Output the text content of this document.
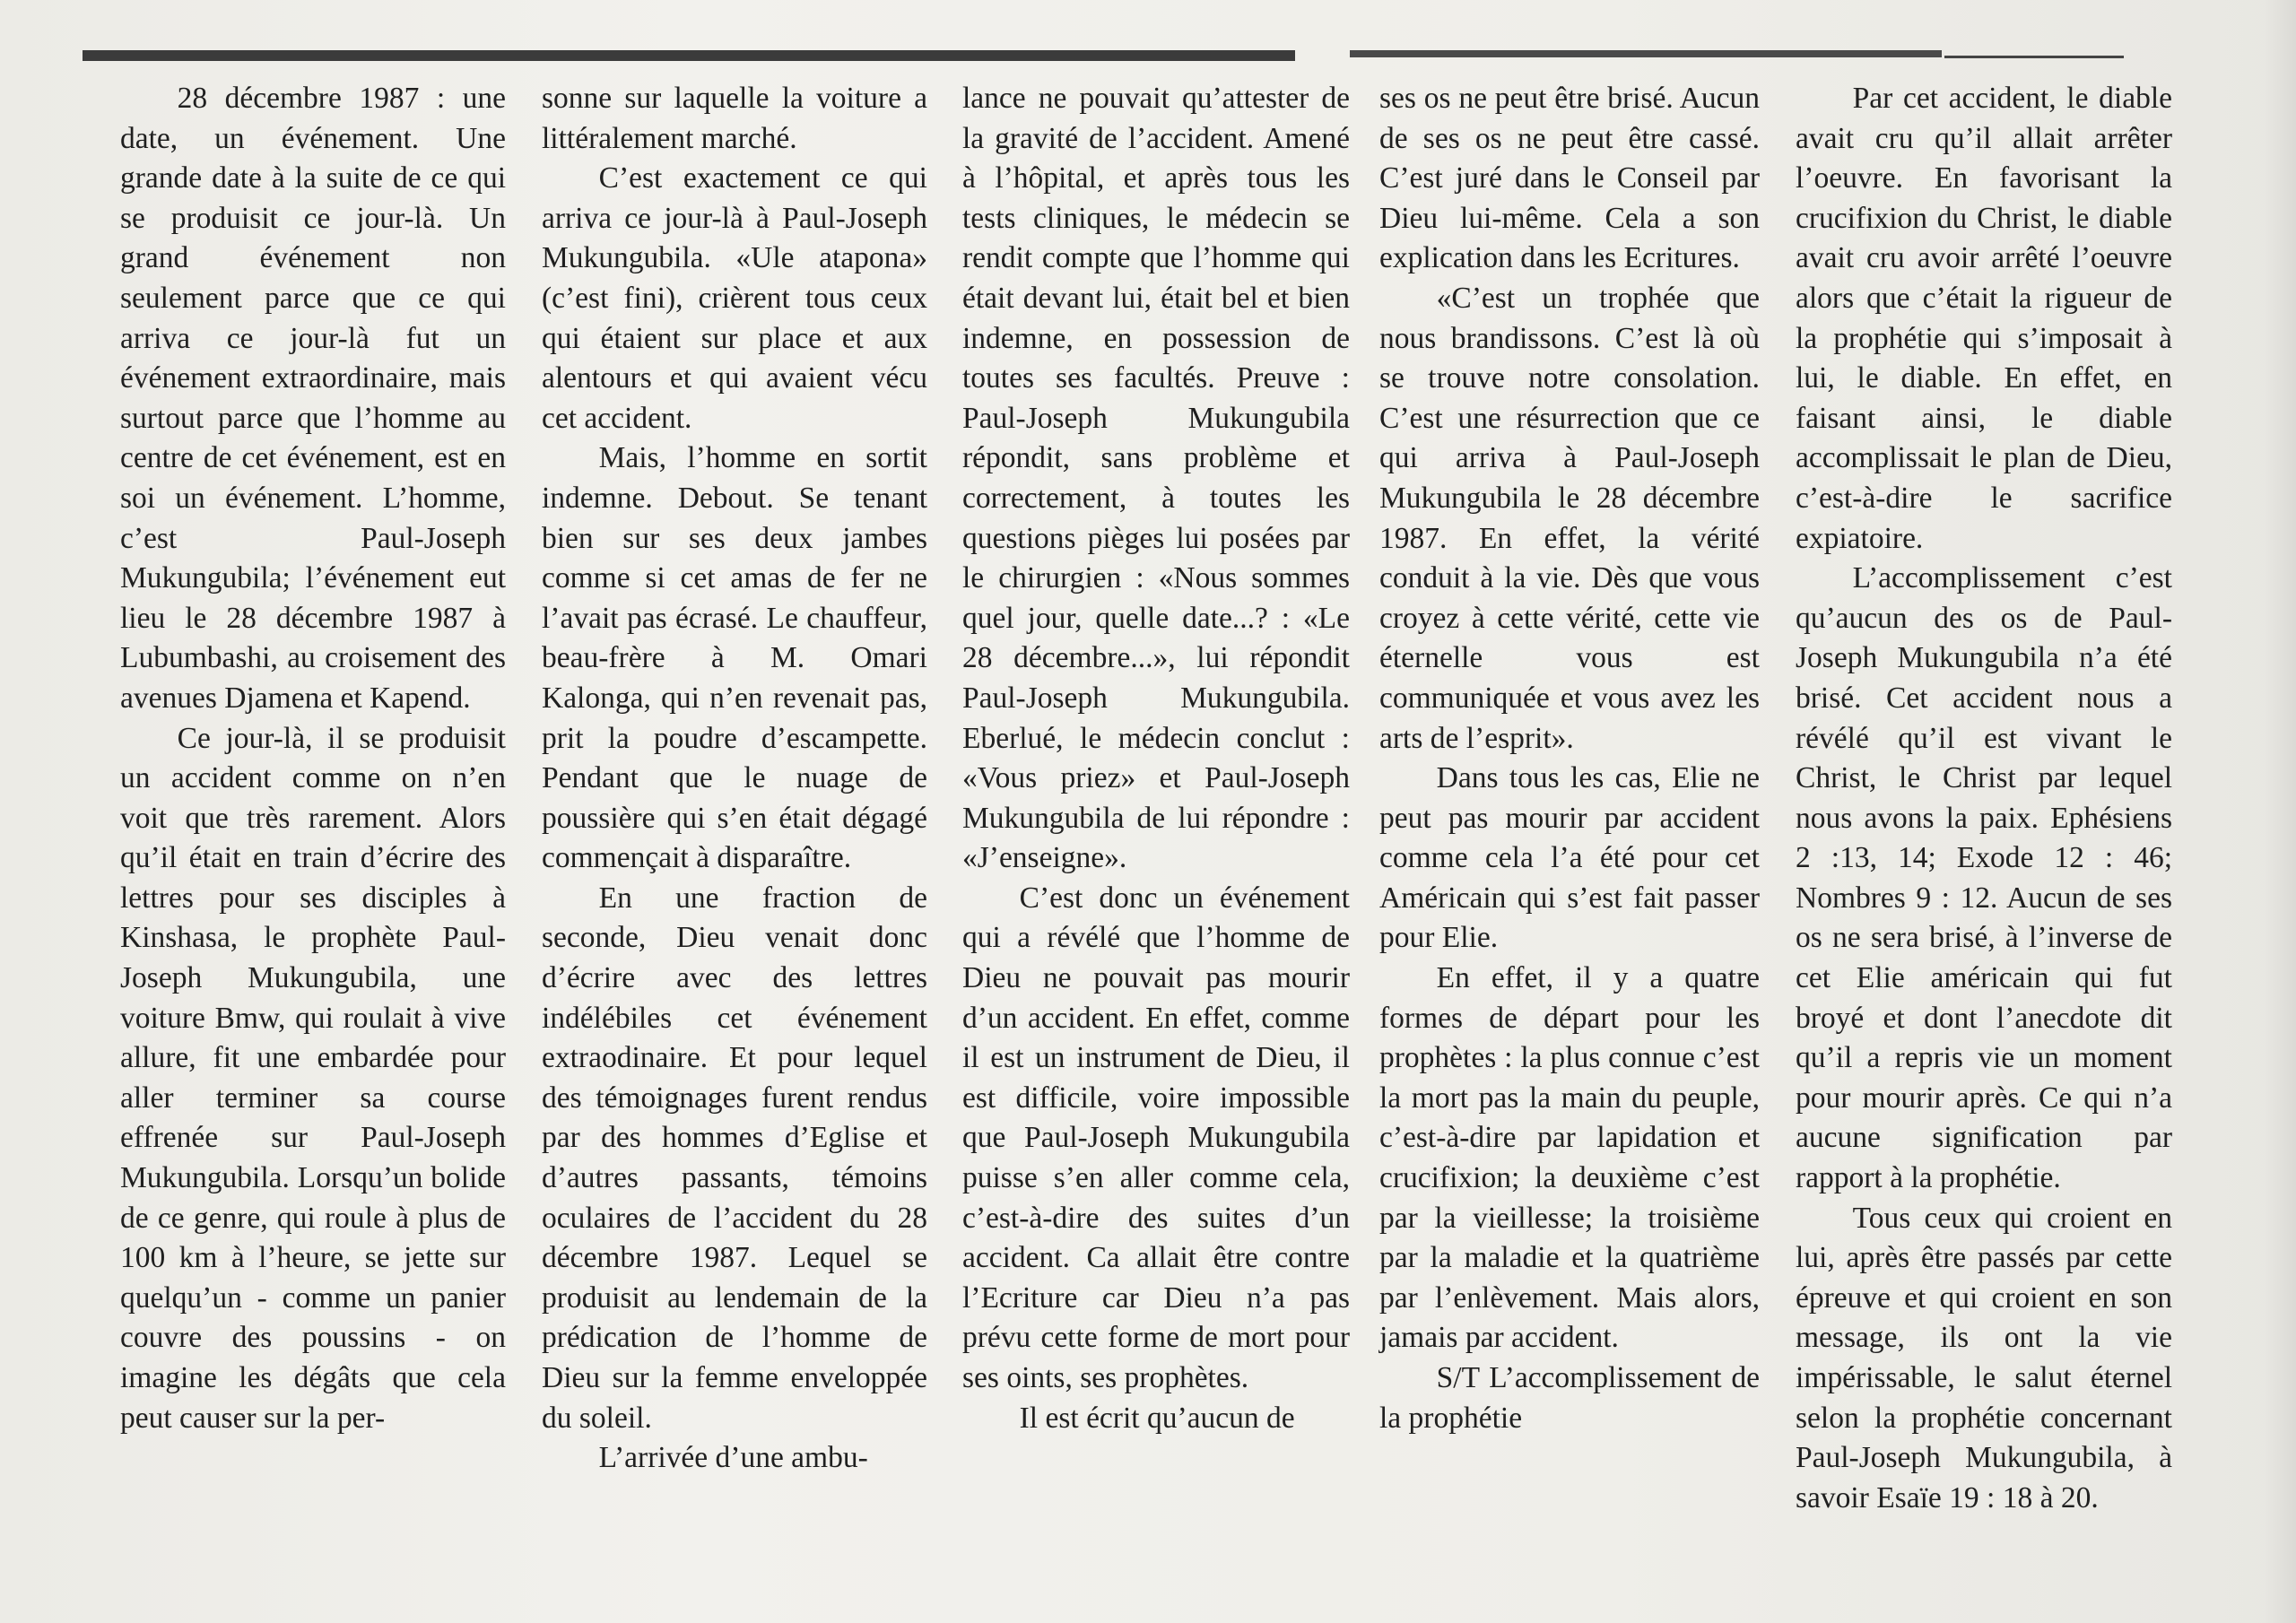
28 décembre 1987 : une date, un événement. Une grande date à la suite de ce qui se produisit ce jour-là. Un grand événement non seulement parce que ce qui arriva ce jour-là fut un événement extraordinaire, mais surtout parce que l’homme au centre de cet événement, est en soi un événement. L’homme, c’est Paul-Joseph Mukungubila; l’événement eut lieu le 28 décembre 1987 à Lubumbashi, au croisement des avenues Djamena et Kapend.

Ce jour-là, il se produisit un accident comme on n’en voit que très rarement. Alors qu’il était en train d’écrire des lettres pour ses disciples à Kinshasa, le prophète Paul-Joseph Mukungubila, une voiture Bmw, qui roulait à vive allure, fit une embardée pour aller terminer sa course effrenée sur Paul-Joseph Mukungubila. Lorsqu’un bolide de ce genre, qui roule à plus de 100 km à l’heure, se jette sur quelqu’un - comme un panier couvre des poussins - on imagine les dégâts que cela peut causer sur la per-

sonne sur laquelle la voiture a littéralement marché.

C’est exactement ce qui arriva ce jour-là à Paul-Joseph Mukungubila. «Ule atapona» (c’est fini), crièrent tous ceux qui étaient sur place et aux alentours et qui avaient vécu cet accident.

Mais, l’homme en sortit indemne. Debout. Se tenant bien sur ses deux jambes comme si cet amas de fer ne l’avait pas écrasé. Le chauffeur, beau-frère à M. Omari Kalonga, qui n’en revenait pas, prit la poudre d’escampette. Pendant que le nuage de poussière qui s’en était dégagé commençait à disparaître.

En une fraction de seconde, Dieu venait donc d’écrire avec des lettres indélébiles cet événement extraodinaire. Et pour lequel des témoignages furent rendus par des hommes d’Eglise et d’autres passants, témoins oculaires de l’accident du 28 décembre 1987. Lequel se produisit au lendemain de la prédication de l’homme de Dieu sur la femme enveloppée du soleil.

L’arrivée d’une ambu-

lance ne pouvait qu’attester de la gravité de l’accident. Amené à l’hôpital, et après tous les tests cliniques, le médecin se rendit compte que l’homme qui était devant lui, était bel et bien indemne, en possession de toutes ses facultés. Preuve : Paul-Joseph Mukungubila répondit, sans problème et correctement, à toutes les questions pièges lui posées par le chirurgien : «Nous sommes quel jour, quelle date...? : «Le 28 décembre...», lui répondit Paul-Joseph Mukungubila. Eberlué, le médecin conclut : «Vous priez» et Paul-Joseph Mukungubila de lui répondre : «J’enseigne».

C’est donc un événement qui a révélé que l’homme de Dieu ne pouvait pas mourir d’un accident. En effet, comme il est un instrument de Dieu, il est difficile, voire impossible que Paul-Joseph Mukungubila puisse s’en aller comme cela, c’est-à-dire des suites d’un accident. Ca allait être contre l’Ecriture car Dieu n’a pas prévu cette forme de mort pour ses oints, ses prophètes.

Il est écrit qu’aucun de

ses os ne peut être brisé. Aucun de ses os ne peut être cassé. C’est juré dans le Conseil par Dieu lui-même. Cela a son explication dans les Ecritures.

«C’est un trophée que nous brandissons. C’est là où se trouve notre consolation. C’est une résurrection que ce qui arriva à Paul-Joseph Mukungubila le 28 décembre 1987. En effet, la vérité conduit à la vie. Dès que vous croyez à cette vérité, cette vie éternelle vous est communiquée et vous avez les arts de l’esprit».

Dans tous les cas, Elie ne peut pas mourir par accident comme cela l’a été pour cet Américain qui s’est fait passer pour Elie.

En effet, il y a quatre formes de départ pour les prophètes : la plus connue c’est la mort pas la main du peuple, c’est-à-dire par lapidation et crucifixion; la deuxième c’est par la vieillesse; la troisième par la maladie et la quatrième par l’enlèvement. Mais alors, jamais par accident.

S/T L’accomplissement de la prophétie

Par cet accident, le diable avait cru qu’il allait arrêter l’oeuvre. En favorisant la crucifixion du Christ, le diable avait cru avoir arrêté l’oeuvre alors que c’était la rigueur de la prophétie qui s’imposait à lui, le diable. En effet, en faisant ainsi, le diable accomplissait le plan de Dieu, c’est-à-dire le sacrifice expiatoire.

L’accomplissement c’est qu’aucun des os de Paul-Joseph Mukungubila n’a été brisé. Cet accident nous a révélé qu’il est vivant le Christ, le Christ par lequel nous avons la paix. Ephésiens 2 :13, 14; Exode 12 : 46; Nombres 9 : 12. Aucun de ses os ne sera brisé, à l’inverse de cet Elie américain qui fut broyé et dont l’anecdote dit qu’il a repris vie un moment pour mourir après. Ce qui n’a aucune signification par rapport à la prophétie.

Tous ceux qui croient en lui, après être passés par cette épreuve et qui croient en son message, ils ont la vie impérissable, le salut éternel selon la prophétie concernant Paul-Joseph Mukungubila, à savoir Esaïe 19 : 18 à 20.
